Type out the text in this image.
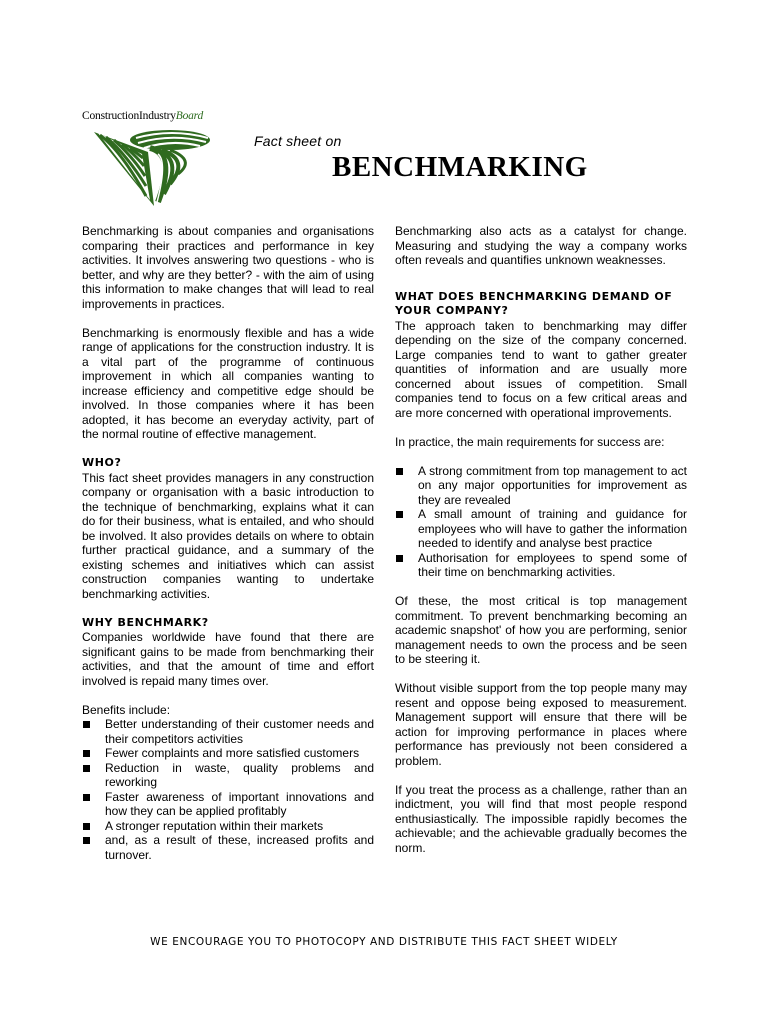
ConstructionIndustryBoard
Fact sheet on
BENCHMARKING

Benchmarking is about companies and organisations comparing their practices and performance in key activities. It involves answering two questions - who is better, and why are they better? - with the aim of using this information to make changes that will lead to real improvements in practices.

Benchmarking is enormously flexible and has a wide range of applications for the construction industry. It is a vital part of the programme of continuous improvement in which all companies wanting to increase efficiency and competitive edge should be involved. In those companies where it has been adopted, it has become an everyday activity, part of the normal routine of effective management.

WHO?

This fact sheet provides managers in any construction company or organisation with a basic introduction to the technique of benchmarking, explains what it can do for their business, what is entailed, and who should be involved. It also provides details on where to obtain further practical guidance, and a summary of the existing schemes and initiatives which can assist construction companies wanting to undertake benchmarking activities.

WHY BENCHMARK?

Companies worldwide have found that there are significant gains to be made from benchmarking their activities, and that the amount of time and effort involved is repaid many times over.

Benefits include:

Better understanding of their customer needs and their competitors activities
Fewer complaints and more satisfied customers
Reduction in waste, quality problems and reworking
Faster awareness of important innovations and how they can be applied profitably
A stronger reputation within their markets
and, as a result of these, increased profits and turnover.

Benchmarking also acts as a catalyst for change. Measuring and studying the way a company works often reveals and quantifies unknown weaknesses.

WHAT DOES BENCHMARKING DEMAND OF YOUR COMPANY?

The approach taken to benchmarking may differ depending on the size of the company concerned. Large companies tend to want to gather greater quantities of information and are usually more concerned about issues of competition. Small companies tend to focus on a few critical areas and are more concerned with operational improvements.

In practice, the main requirements for success are:

A strong commitment from top management to act on any major opportunities for improvement as they are revealed
A small amount of training and guidance for employees who will have to gather the information needed to identify and analyse best practice
Authorisation for employees to spend some of their time on benchmarking activities.

Of these, the most critical is top management commitment. To prevent benchmarking becoming an academic snapshot' of how you are performing, senior management needs to own the process and be seen to be steering it.

Without visible support from the top people many may resent and oppose being exposed to measurement. Management support will ensure that there will be action for improving performance in places where performance has previously not been considered a problem.

If you treat the process as a challenge, rather than an indictment, you will find that most people respond enthusiastically. The impossible rapidly becomes the achievable; and the achievable gradually becomes the norm.

WE ENCOURAGE YOU TO PHOTOCOPY AND DISTRIBUTE THIS FACT SHEET WIDELY
